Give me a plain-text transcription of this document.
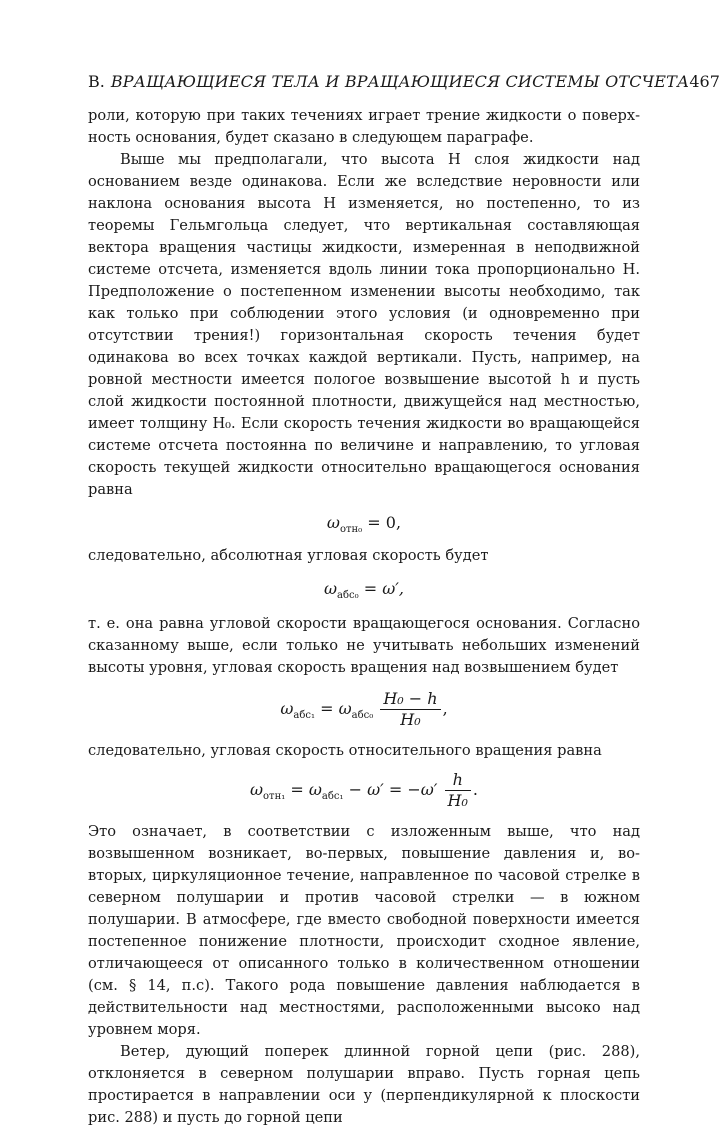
B. ВРАЩАЮЩИЕСЯ ТЕЛА И ВРАЩАЮЩИЕСЯ СИСТЕМЫ ОТСЧЕТА 467

роли, которую при таких течениях играет трение жидкости о поверхность основания, будет сказано в следующем параграфе.

Выше мы предполагали, что высота H слоя жидкости над основанием везде одинакова. Если же вследствие неровности или наклона основания высота H изменяется, но постепенно, то из теоремы Гельмгольца следует, что вертикальная составляющая вектора вращения частицы жидкости, измеренная в неподвижной системе отсчета, изменяется вдоль линии тока пропорционально H. Предположение о постепенном изменении высоты необходимо, так как только при соблюдении этого условия (и одновременно при отсутствии трения!) горизонтальная скорость течения будет одинакова во всех точках каждой вертикали. Пусть, например, на ровной местности имеется пологое возвышение высотой h и пусть слой жидкости постоянной плотности, движущейся над местностью, имеет толщину H₀. Если скорость течения жидкости во вращающейся системе отсчета постоянна по величине и направлению, то угловая скорость текущей жидкости относительно вращающегося основания равна

$\omega_{отн_0} = 0$,

следовательно, абсолютная угловая скорость будет

$\omega_{абс_0} = \omega'$,

т. е. она равна угловой скорости вращающегося основания. Согласно сказанному выше, если только не учитывать небольших изменений высоты уровня, угловая скорость вращения над возвышением будет

$\omega_{абс_1} = \omega_{абс_0} \frac{\text{H₀ − h}}{\text{H₀}}$ ,

следовательно, угловая скорость относительного вращения равна

$\omega_{отн_1} = \omega_{абс_1} - \omega' = -\omega' \frac{h}{\text{H₀}}$ .

Это означает, в соответствии с изложенным выше, что над возвышенном возникает, во-первых, повышение давления и, во-вторых, циркуляционное течение, направленное по часовой стрелке в северном полушарии и против часовой стрелки — в южном полушарии. В атмосфере, где вместо свободной поверхности имеется постепенное понижение плотности, происходит сходное явление, отличающееся от описанного только в количественном отношении (см. § 14, п.с). Такого рода повышение давления наблюдается в действительности над местностями, расположенными высоко над уровнем моря.

Ветер, дующий поперек длинной горной цепи (рис. 288), отклоняется в северном полушарии вправо. Пусть горная цепь простирается в направлении оси y (перпендикулярной к плоскости рис. 288) и пусть до горной цепи
